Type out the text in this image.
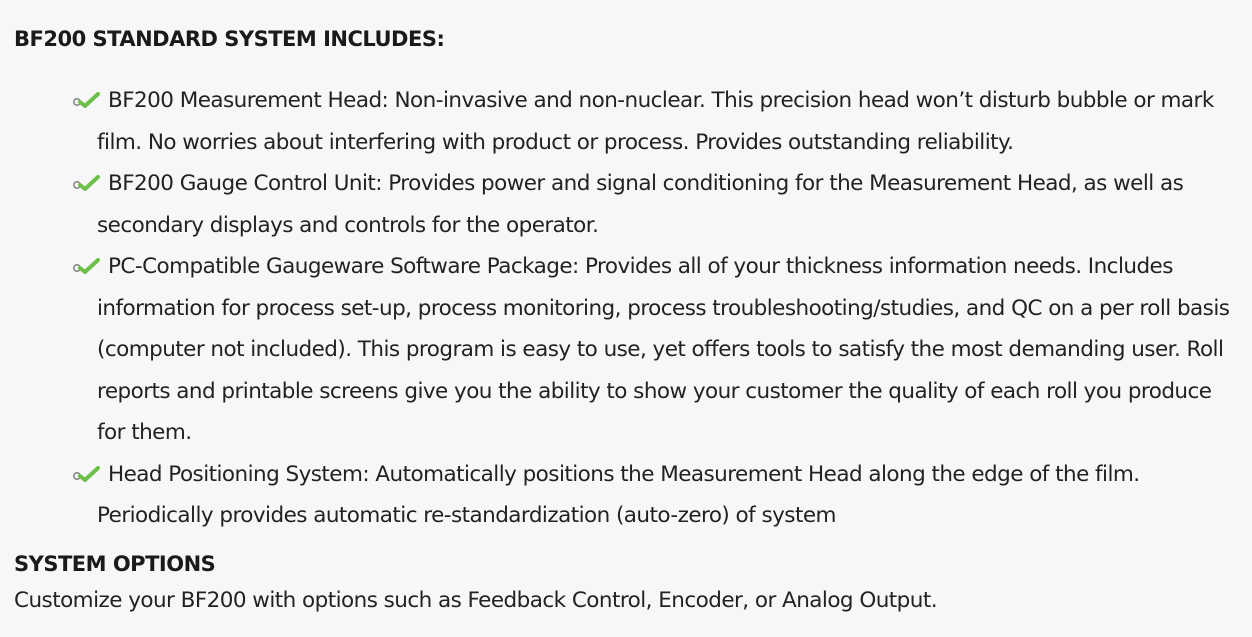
BF200 STANDARD SYSTEM INCLUDES:
BF200 Measurement Head: Non-invasive and non-nuclear. This precision head won’t disturb bubble or mark film. No worries about interfering with product or process. Provides outstanding reliability.
BF200 Gauge Control Unit: Provides power and signal conditioning for the Measurement Head, as well as secondary displays and controls for the operator.
PC-Compatible Gaugeware Software Package: Provides all of your thickness information needs. Includes information for process set-up, process monitoring, process troubleshooting/studies, and QC on a per roll basis (computer not included). This program is easy to use, yet offers tools to satisfy the most demanding user. Roll reports and printable screens give you the ability to show your customer the quality of each roll you produce for them.
Head Positioning System: Automatically positions the Measurement Head along the edge of the film. Periodically provides automatic re-standardization (auto-zero) of system
SYSTEM OPTIONS
Customize your BF200 with options such as Feedback Control, Encoder, or Analog Output.
